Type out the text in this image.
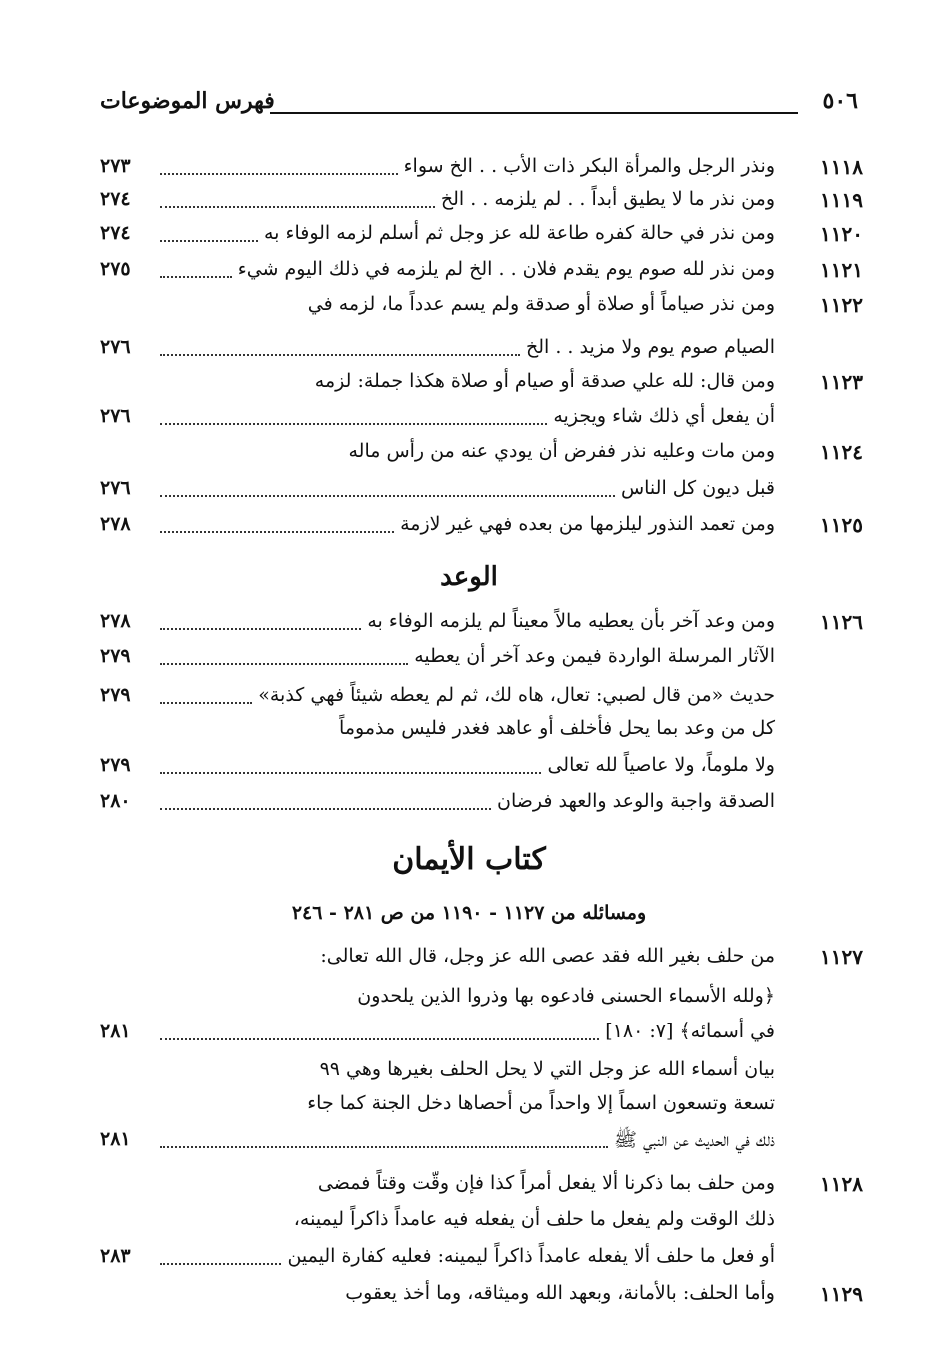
٥٠٦
فهرس الموضوعات
١١١٨
ونذر الرجل والمرأة البكر ذات الأب . . الخ سواء
٢٧٣
١١١٩
ومن نذر ما لا يطيق أبداً . . لم يلزمه . . الخ
٢٧٤
١١٢٠
ومن نذر في حالة كفره طاعة لله عز وجل ثم أسلم لزمه الوفاء به
٢٧٤
١١٢١
ومن نذر لله صوم يوم يقدم فلان . . الخ لم يلزمه في ذلك اليوم شيء
٢٧٥
١١٢٢
ومن نذر صياماً أو صلاة أو صدقة ولم يسم عدداً ما، لزمه في
الصيام صوم يوم ولا مزيد . . الخ
٢٧٦
١١٢٣
ومن قال: لله علي صدقة أو صيام أو صلاة هكذا جملة: لزمه
أن يفعل أي ذلك شاء ويجزيه
٢٧٦
١١٢٤
ومن مات وعليه نذر ففرض أن يودي عنه من رأس ماله
قبل ديون كل الناس
٢٧٦
١١٢٥
ومن تعمد النذور ليلزمها من بعده فهي غير لازمة
٢٧٨
١١٢٦
ومن وعد آخر بأن يعطيه مالاً معيناً لم يلزمه الوفاء به
٢٧٨
الآثار المرسلة الواردة فيمن وعد آخر أن يعطيه
٢٧٩
حديث «من قال لصبي: تعال، هاه لك، ثم لم يعطه شيئاً فهي كذبة»
٢٧٩
كل من وعد بما يحل فأخلف أو عاهد فغدر فليس مذموماً
ولا ملوماً، ولا عاصياً لله تعالى
٢٧٩
الصدقة واجبة والوعد والعهد فرضان
٢٨٠
١١٢٧
من حلف بغير الله فقد عصى الله عز وجل، قال الله تعالى:
﴿ولله الأسماء الحسنى فادعوه بها وذروا الذين يلحدون
في أسمائه﴾ [٧: ١٨٠]
٢٨١
بيان أسماء الله عز وجل التي لا يحل الحلف بغيرها وهي ٩٩
تسعة وتسعون اسماً إلا واحداً من أحصاها دخل الجنة كما جاء
ذلك في الحديث عن النبي ﷺ
٢٨١
١١٢٨
ومن حلف بما ذكرنا ألا يفعل أمراً كذا فإن وقّت وقتاً فمضى
ذلك الوقت ولم يفعل ما حلف أن يفعله فيه عامداً ذاكراً ليمينه،
أو فعل ما حلف ألا يفعله عامداً ذاكراً ليمينه: فعليه كفارة اليمين
٢٨٣
١١٢٩
وأما الحلف: بالأمانة، وبعهد الله وميثاقه، وما أخذ يعقوب
الوعد
كتاب الأيمان
ومسائله من ١١٢٧ - ١١٩٠ من ص ٢٨١ - ٢٤٦
